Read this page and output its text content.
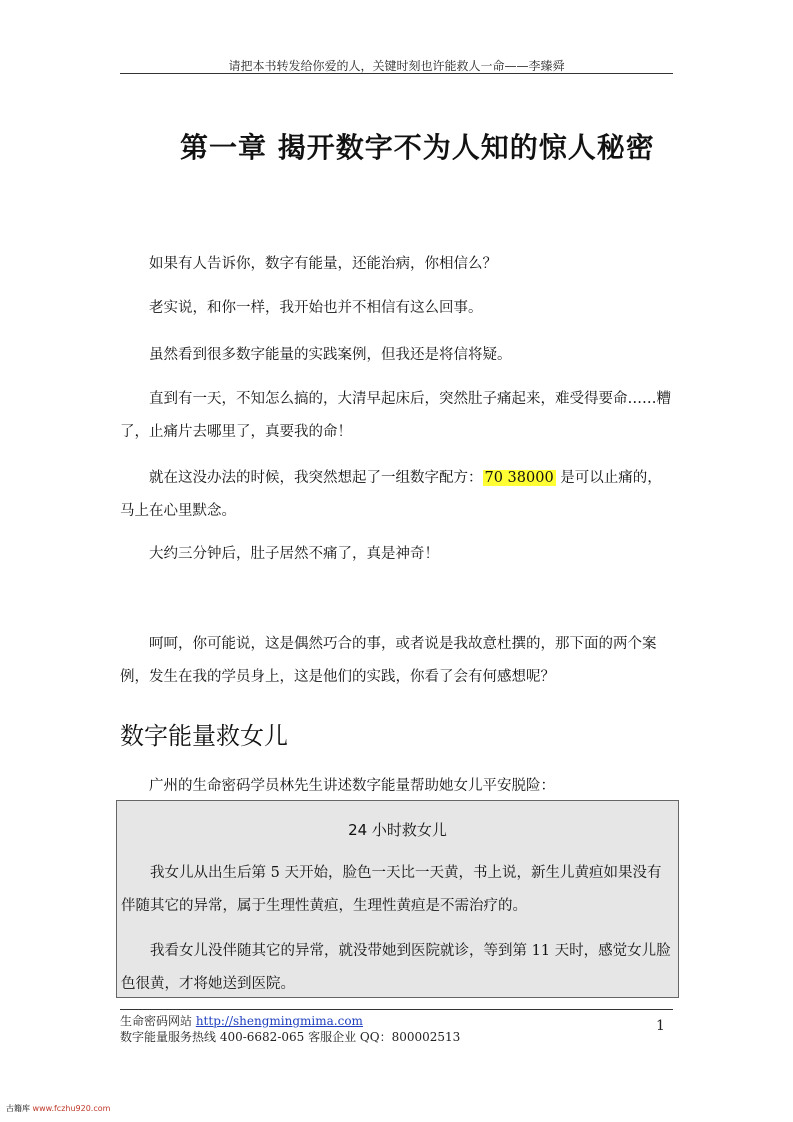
请把本书转发给你爱的人，关键时刻也许能救人一命——李臻舜
第一章 揭开数字不为人知的惊人秘密

如果有人告诉你，数字有能量，还能治病，你相信么？

老实说，和你一样，我开始也并不相信有这么回事。

虽然看到很多数字能量的实践案例，但我还是将信将疑。

直到有一天，不知怎么搞的，大清早起床后，突然肚子痛起来，难受得要命……糟了，止痛片去哪里了，真要我的命！

就在这没办法的时候，我突然想起了一组数字配方： 70 38000 是可以止痛的，马上在心里默念。

大约三分钟后，肚子居然不痛了，真是神奇！

呵呵，你可能说，这是偶然巧合的事，或者说是我故意杜撰的，那下面的两个案例，发生在我的学员身上，这是他们的实践，你看了会有何感想呢？

数字能量救女儿

广州的生命密码学员林先生讲述数字能量帮助她女儿平安脱险：

24 小时救女儿

我女儿从出生后第 5 天开始，脸色一天比一天黄，书上说，新生儿黄疸如果没有伴随其它的异常，属于生理性黄疸，生理性黄疸是不需治疗的。

我看女儿没伴随其它的异常，就没带她到医院就诊，等到第 11 天时，感觉女儿脸色很黄，才将她送到医院。

生命密码网站 http://shengmingmima.com
数字能量服务热线 400-6682-065 客服企业 QQ：800002513
1
古籍库 www.fczhu920.com
